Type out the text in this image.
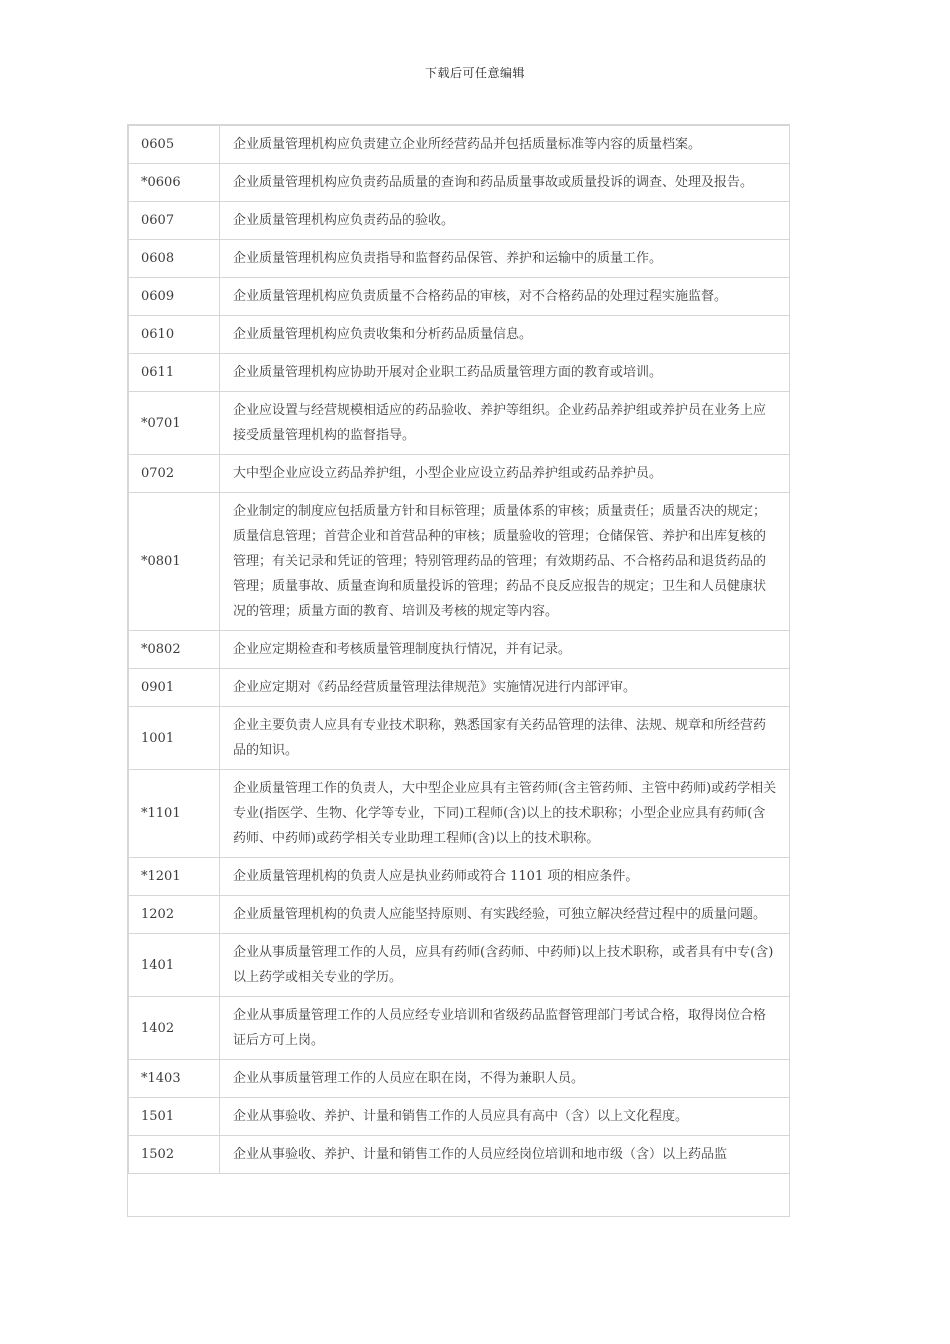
下载后可任意编辑
0605	企业质量管理机构应负责建立企业所经营药品并包括质量标准等内容的质量档案。
*0606	企业质量管理机构应负责药品质量的查询和药品质量事故或质量投诉的调查、处理及报告。
0607	企业质量管理机构应负责药品的验收。
0608	企业质量管理机构应负责指导和监督药品保管、养护和运输中的质量工作。
0609	企业质量管理机构应负责质量不合格药品的审核，对不合格药品的处理过程实施监督。
0610	企业质量管理机构应负责收集和分析药品质量信息。
0611	企业质量管理机构应协助开展对企业职工药品质量管理方面的教育或培训。
*0701	企业应设置与经营规模相适应的药品验收、养护等组织。企业药品养护组或养护员在业务上应接受质量管理机构的监督指导。
0702	大中型企业应设立药品养护组，小型企业应设立药品养护组或药品养护员。
*0801	企业制定的制度应包括质量方针和目标管理；质量体系的审核；质量责任；质量否决的规定；质量信息管理；首营企业和首营品种的审核；质量验收的管理；仓储保管、养护和出库复核的管理；有关记录和凭证的管理；特别管理药品的管理；有效期药品、不合格药品和退货药品的管理；质量事故、质量查询和质量投诉的管理；药品不良反应报告的规定；卫生和人员健康状况的管理；质量方面的教育、培训及考核的规定等内容。
*0802	企业应定期检查和考核质量管理制度执行情况，并有记录。
0901	企业应定期对《药品经营质量管理法律规范》实施情况进行内部评审。
1001	企业主要负责人应具有专业技术职称，熟悉国家有关药品管理的法律、法规、规章和所经营药品的知识。
*1101	企业质量管理工作的负责人，大中型企业应具有主管药师(含主管药师、主管中药师)或药学相关专业(指医学、生物、化学等专业，下同)工程师(含)以上的技术职称；小型企业应具有药师(含药师、中药师)或药学相关专业助理工程师(含)以上的技术职称。
*1201	企业质量管理机构的负责人应是执业药师或符合 1101 项的相应条件。
1202	企业质量管理机构的负责人应能坚持原则、有实践经验，可独立解决经营过程中的质量问题。
1401	企业从事质量管理工作的人员，应具有药师(含药师、中药师)以上技术职称，或者具有中专(含)以上药学或相关专业的学历。
1402	企业从事质量管理工作的人员应经专业培训和省级药品监督管理部门考试合格，取得岗位合格证后方可上岗。
*1403	企业从事质量管理工作的人员应在职在岗，不得为兼职人员。
1501	企业从事验收、养护、计量和销售工作的人员应具有高中（含）以上文化程度。
1502	企业从事验收、养护、计量和销售工作的人员应经岗位培训和地市级（含）以上药品监
